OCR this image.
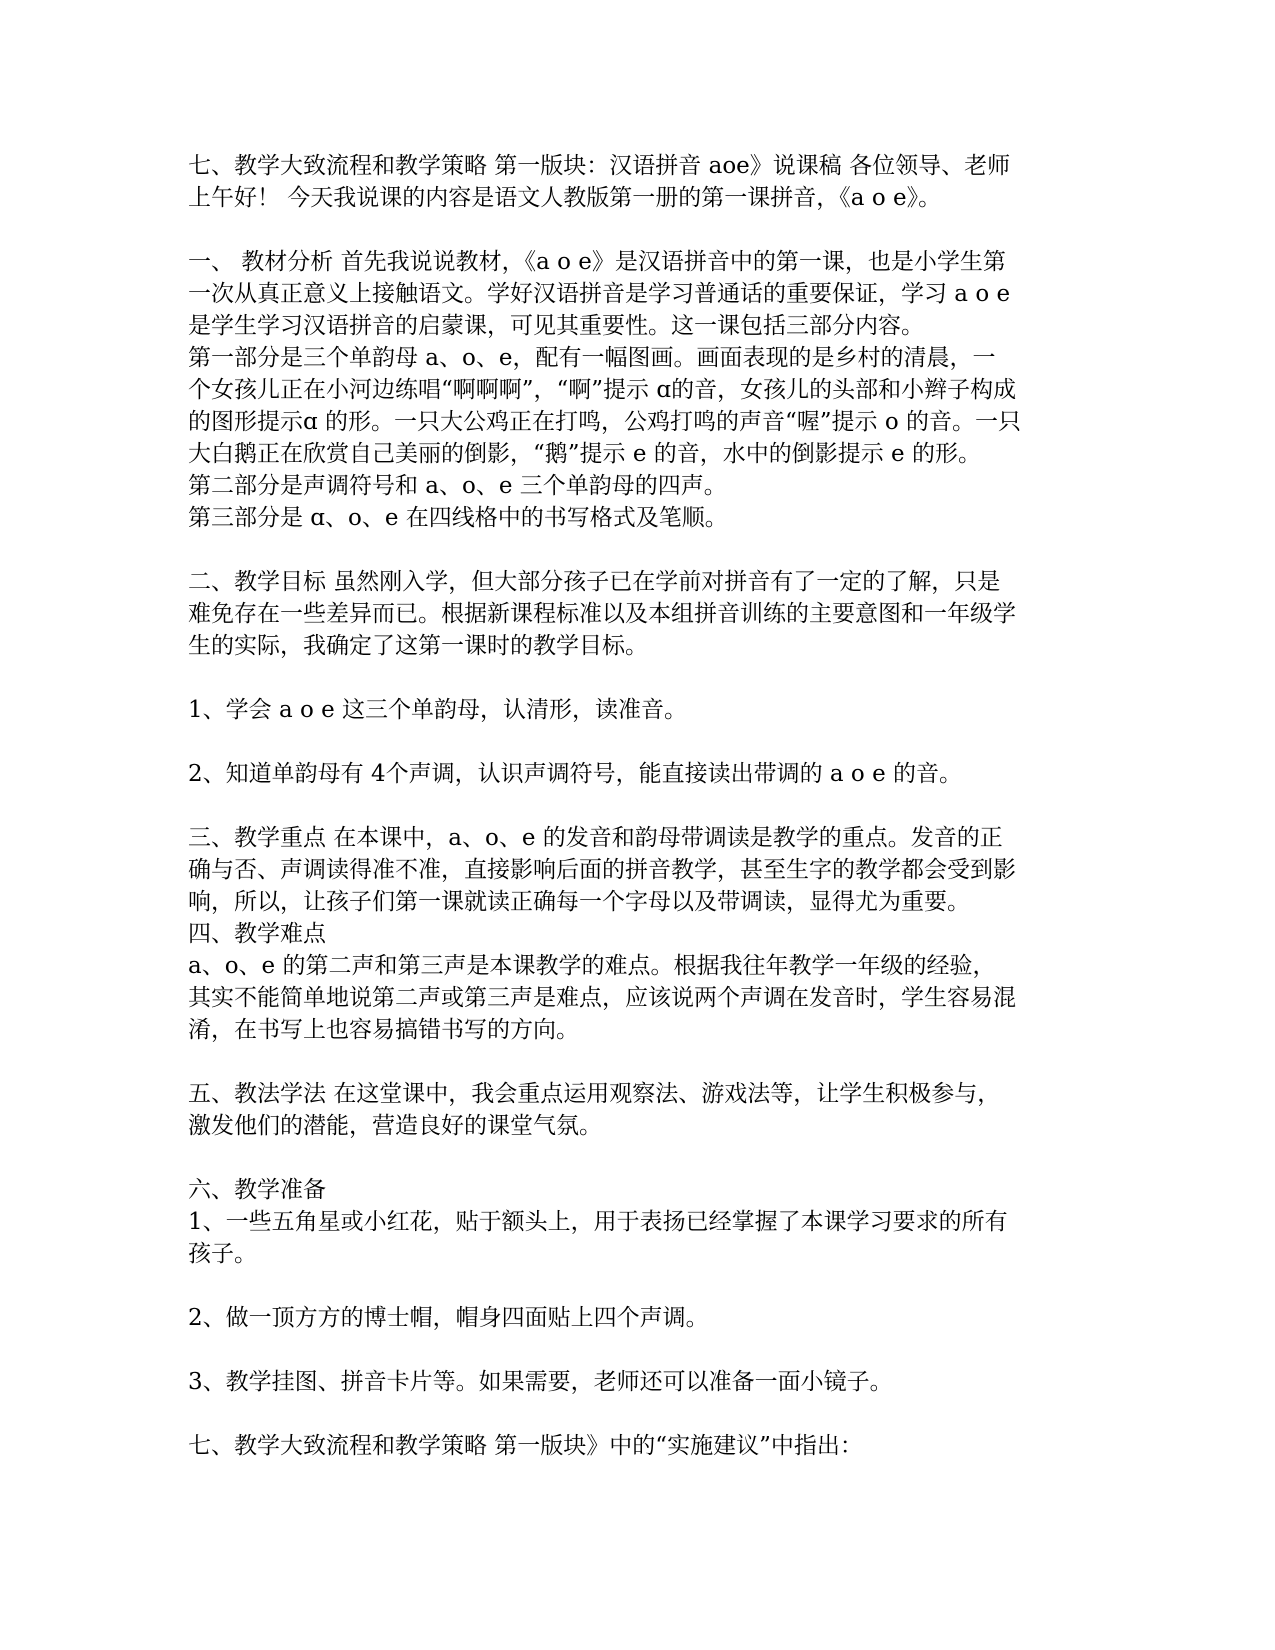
七、教学大致流程和教学策略 第一版块：汉语拼音 aoe》说课稿 各位领导、老师
上午好！ 今天我说课的内容是语文人教版第一册的第一课拼音，《a o e》。

一、 教材分析 首先我说说教材，《a o e》是汉语拼音中的第一课，也是小学生第
一次从真正意义上接触语文。学好汉语拼音是学习普通话的重要保证，学习 a o e
是学生学习汉语拼音的启蒙课，可见其重要性。这一课包括三部分内容。
第一部分是三个单韵母 a、o、e，配有一幅图画。画面表现的是乡村的清晨，一
个女孩儿正在小河边练唱“啊啊啊”，“啊”提示 ɑ的音，女孩儿的头部和小辫子构成
的图形提示ɑ 的形。一只大公鸡正在打鸣，公鸡打鸣的声音“喔”提示 o 的音。一只
大白鹅正在欣赏自己美丽的倒影，“鹅”提示 e 的音，水中的倒影提示 e 的形。
第二部分是声调符号和 a、o、e 三个单韵母的四声。
第三部分是 ɑ、o、e 在四线格中的书写格式及笔顺。

二、教学目标 虽然刚入学，但大部分孩子已在学前对拼音有了一定的了解，只是
难免存在一些差异而已。根据新课程标准以及本组拼音训练的主要意图和一年级学
生的实际，我确定了这第一课时的教学目标。

1、学会 a o e 这三个单韵母，认清形，读准音。

2、知道单韵母有 4个声调，认识声调符号，能直接读出带调的 a o e 的音。

三、教学重点 在本课中，a、o、e 的发音和韵母带调读是教学的重点。发音的正
确与否、声调读得准不准，直接影响后面的拼音教学，甚至生字的教学都会受到影
响，所以，让孩子们第一课就读正确每一个字母以及带调读，显得尤为重要。
四、教学难点
a、o、e 的第二声和第三声是本课教学的难点。根据我往年教学一年级的经验，
其实不能简单地说第二声或第三声是难点，应该说两个声调在发音时，学生容易混
淆，在书写上也容易搞错书写的方向。

五、教法学法 在这堂课中，我会重点运用观察法、游戏法等，让学生积极参与，
激发他们的潜能，营造良好的课堂气氛。

六、教学准备
1、一些五角星或小红花，贴于额头上，用于表扬已经掌握了本课学习要求的所有
孩子。

2、做一顶方方的博士帽，帽身四面贴上四个声调。

3、教学挂图、拼音卡片等。如果需要，老师还可以准备一面小镜子。

七、教学大致流程和教学策略 第一版块》中的“实施建议”中指出：
